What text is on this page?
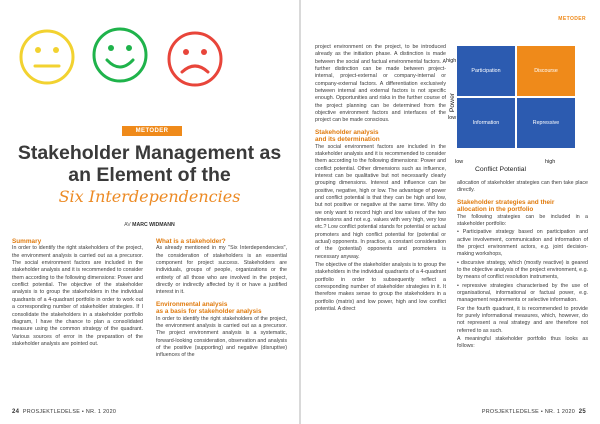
METODER
Stakeholder Management as
an Element of the
Six Interdependencies
AV MARC WIDMANN
Summary

In order to identify the right stakeholders of the project, the environment analysis is carried out as a precursor. The social environment factors are included in the stakeholder analysis and it is recommended to consider them according to the following dimensions: Power and conflict potential. The objective of the stakeholder analysis is to group the stakeholders in the individual quadrants of a 4-quadrant portfolio in order to work out a corresponding number of stakeholder strategies. If I consolidate the stakeholders in a stakeholder portfolio diagram, I have the chance to plan a consolidated measure using the common strategy of the quadrant. Various sources of error in the preparation of the stakeholder analysis are pointed out.

What is a stakeholder?

As already mentioned in my "Six Interdependencies", the consideration of stakeholders is an essential component for project success. Stakeholders are individuals, groups of people, organizations or the entirety of all those who are involved in the project, directly or indirectly affected by it or have a justified interest in it.

Environmental analysis
as a basis for stakeholder analysis

In order to identify the right stakeholders of the project, the environment analysis is carried out as a precursor. The project environment analysis is a systematic, forward-looking consideration, observation and analysis of the positive (supporting) and negative (disruptive) influences of the

24 PROSJEKTLEDELSE • NR. 1 2020
METODER

project environment on the project, to be introduced already as the initiation phase. A distinction is made between the social and factual environmental factors. A further distinction can be made between project-internal, project-external or company-internal or company-external factors. A differentiation exclusively between internal and external factors is not specific enough. Opportunities and risks in the further course of the project planning can be determined from the objective environment factors and interfaces of the project can be made conscious.

Stakeholder analysis
and its determination

The social environment factors are included in the stakeholder analysis and it is recommended to consider them according to the following dimensions: Power and conflict potential. Other dimensions such as influence, interest can be qualitative but not necessarily clearly grouping dimensions. Interest and influence can be positive, negative, high or low. The advantage of power and conflict potential is that they can be high and low, but not positive or negative at the same time. Why do we only want to record high and low values of the two dimensions and not e.g. values with very high, very low etc.? Low conflict potential stands for potential or actual promoters and high conflict potential for (potential or actual) opponents. In practice, a constant consideration of the (potential) opponents and promoters is necessary anyway.

The objective of the stakeholder analysis is to group the stakeholders in the individual quadrants of a 4-quadrant portfolio in order to subsequently reflect a corresponding number of stakeholder strategies in it. It therefore makes sense to group the stakeholders in a portfolio (matrix) and low power, high and low conflict potential. A direct

high
Power
low
Participation	Discourse
Information	Repressive
low	high
Conflict Potential

allocation of stakeholder strategies can then take place directly.

Stakeholder strategies and their
allocation in the portfolio

The following strategies can be included in a stakeholder portfolio:

• Participative strategy based on participation and active involvement, communication and information of the project environment actors, e.g. joint decision-making workshops,

• discursive strategy, which (mostly reactive) is geared to the objective analysis of the project environment, e.g. by means of conflict resolution instruments,

• repressive strategies characterised by the use of organisational, informational or factual power, e.g. management requirements or selective information.

For the fourth quadrant, it is recommended to provide for purely informational measures, which, however, do not represent a real strategy and are therefore not referred to as such.

A meaningful stakeholder portfolio thus looks as follows:

PROSJEKTLEDELSE • NR. 1 2020 25
